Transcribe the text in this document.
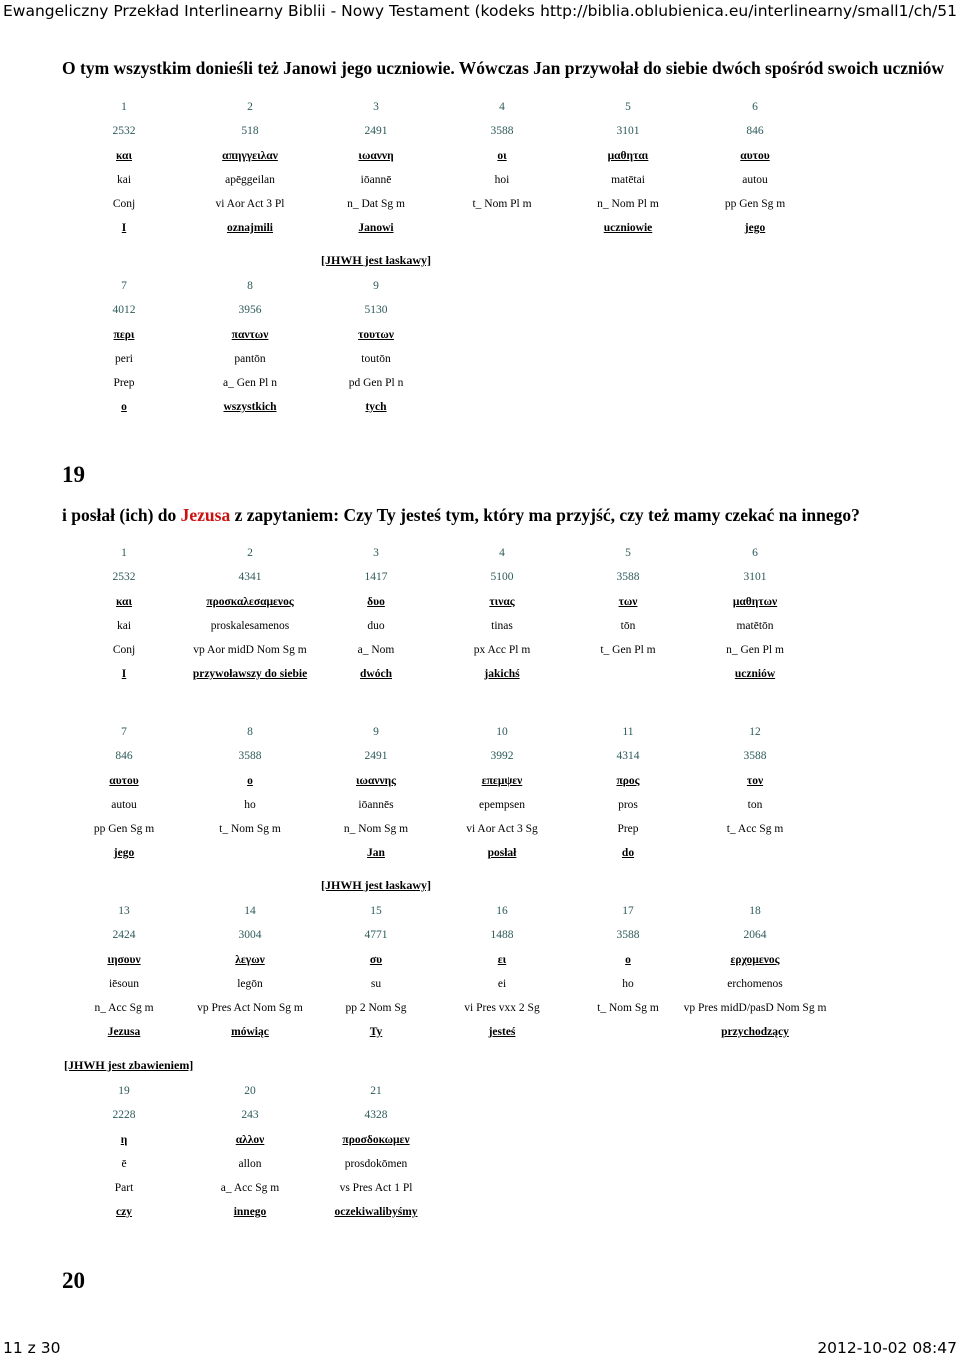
Ewangeliczny Przekład Interlinearny Biblii - Nowy Testament (kodeks ...
http://biblia.oblubienica.eu/interlinearny/small1/ch/51
O tym wszystkim donieśli też Janowi jego uczniowie. Wówczas Jan przywołał do siebie dwóch spośród swoich uczniów
19
i posłał (ich) do Jezusa z zapytaniem: Czy Ty jesteś tym, który ma przyjść, czy też mamy czekać na innego?
20
1
2532
και
kai
Conj
I
2
518
απηγγειλαν
apēggeilan
vi Aor Act 3 Pl
oznajmili
3
2491
ιωαννη
iōannē
n_ Dat Sg m
Janowi
4
3588
οι
hoi
t_ Nom Pl m
5
3101
μαθηται
matētai
n_ Nom Pl m
uczniowie
6
846
αυτου
autou
pp Gen Sg m
jego
[JHWH jest łaskawy]
7
4012
περι
peri
Prep
o
8
3956
παντων
pantōn
a_ Gen Pl n
wszystkich
9
5130
τουτων
toutōn
pd Gen Pl n
tych
1
2532
και
kai
Conj
I
2
4341
προσκαλεσαμενος
proskalesamenos
vp Aor midD Nom Sg m
przywoławszy do siebie
3
1417
δυο
duo
a_ Nom
dwóch
4
5100
τινας
tinas
px Acc Pl m
jakichś
5
3588
των
tōn
t_ Gen Pl m
6
3101
μαθητων
matētōn
n_ Gen Pl m
uczniów
7
846
αυτου
autou
pp Gen Sg m
jego
8
3588
ο
ho
t_ Nom Sg m
9
2491
ιωαννης
iōannēs
n_ Nom Sg m
Jan
10
3992
επεμψεν
epempsen
vi Aor Act 3 Sg
posłał
11
4314
προς
pros
Prep
do
12
3588
τον
ton
t_ Acc Sg m
[JHWH jest łaskawy]
13
2424
ιησουν
iēsoun
n_ Acc Sg m
Jezusa
14
3004
λεγων
legōn
vp Pres Act Nom Sg m
mówiąc
15
4771
συ
su
pp 2 Nom Sg
Ty
16
1488
ει
ei
vi Pres vxx 2 Sg
jesteś
17
3588
ο
ho
t_ Nom Sg m
18
2064
ερχομενος
erchomenos
vp Pres midD/pasD Nom Sg m
przychodzący
[JHWH jest zbawieniem]
19
2228
η
ē
Part
czy
20
243
αλλον
allon
a_ Acc Sg m
innego
21
4328
προσδοκωμεν
prosdokōmen
vs Pres Act 1 Pl
oczekiwalibyśmy
11 z 30	2012-10-02 08:47
